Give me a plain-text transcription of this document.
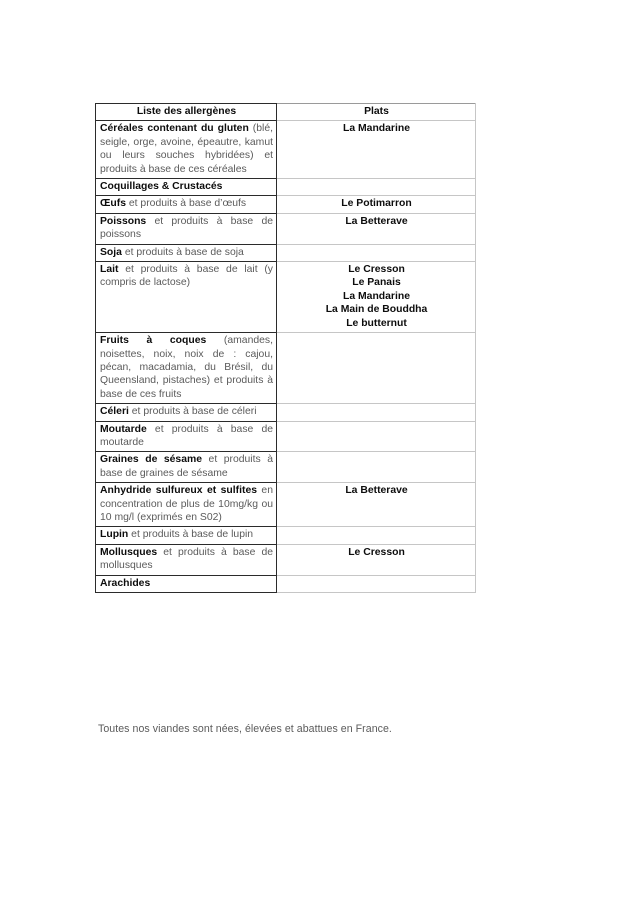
Liste des allergènes	Plats
Céréales contenant du gluten (blé, seigle, orge, avoine, épeautre, kamut ou leurs souches hybridées) et produits à base de ces céréales	La Mandarine

Coquillages & Crustacés	
Œufs et produits à base d’œufs	Le Potimarron

Poissons et produits à base de poissons	La Betterave

Soja et produits à base de soja	
Lait et produits à base de lait (y compris de lactose)	Le Cresson
Le Panais
La Mandarine
La Main de Bouddha
Le butternut

Fruits à coques (amandes, noisettes, noix, noix de : cajou, pécan, macadamia, du Brésil, du Queensland, pistaches) et produits à base de ces fruits	
Céleri et produits à base de céleri	
Moutarde et produits à base de moutarde	
Graines de sésame et produits à base de graines de sésame	
Anhydride sulfureux et sulfites en concentration de plus de 10mg/kg ou 10 mg/l (exprimés en S02)	La Betterave

Lupin et produits à base de lupin	
Mollusques et produits à base de mollusques	Le Cresson

Arachides	
Toutes nos viandes sont nées, élevées et abattues en France.
